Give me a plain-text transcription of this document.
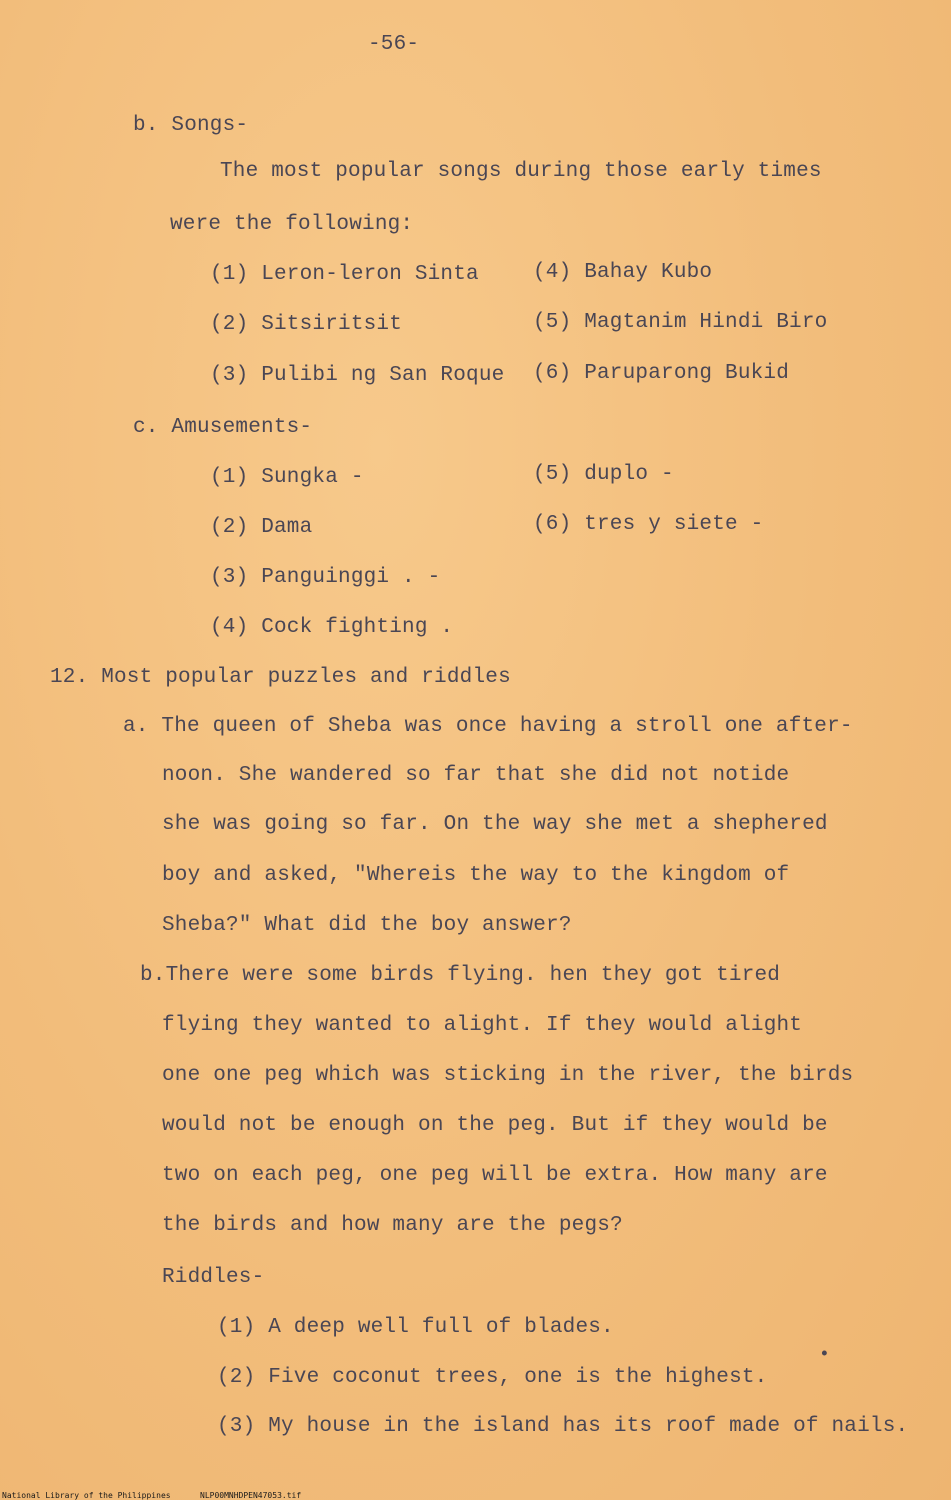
-56-
b. Songs-
The most popular songs during those early times
were the following:
(1) Leron-leron Sinta
(2) Sitsiritsit
(3) Pulibi ng San Roque
(4) Bahay Kubo
(5) Magtanim Hindi Biro
(6) Paruparong Bukid
c. Amusements-
(1) Sungka -
(2) Dama
(3) Panguinggi . -
(4) Cock fighting .
(5) duplo -
(6) tres y siete -
12. Most popular puzzles and riddles
a. The queen of Sheba was once having a stroll one after-
noon. She wandered so far that she did not notide
she was going so far. On the way she met a shephered
boy and asked, "Whereis the way to the kingdom of
Sheba?" What did the boy answer?
b.There were some birds flying. hen they got tired
flying they wanted to alight. If they would alight
one one peg which was sticking in the river, the birds
would not be enough on the peg. But if they would be
two on each peg, one peg will be extra. How many are
the birds and how many are the pegs?
Riddles-
(1) A deep well full of blades.
(2) Five coconut trees, one is the highest.
(3) My house in the island has its roof made of nails.
•
National Library of the Philippines	NLP00MNHDPEN47053.tif
